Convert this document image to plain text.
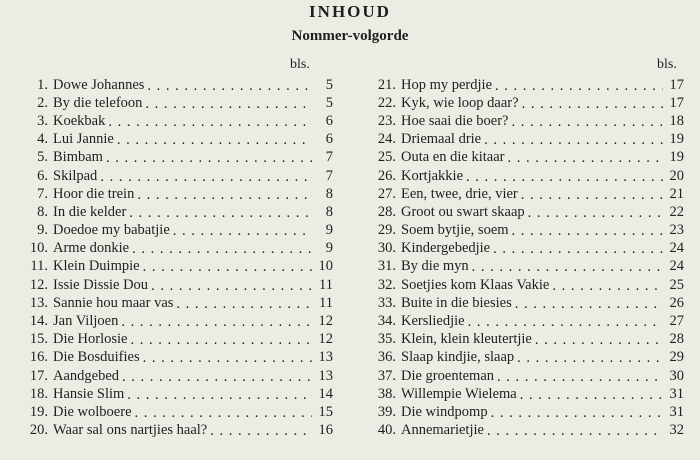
INHOUD
Nommer-volgorde
bls.	bls.
1. Dowe Johannes . . .	5
2. By die telefoon . . .	5
3. Koekbak . . .	6
4. Lui Jannie . . .	6
5. Bimbam . . .	7
6. Skilpad . . .	7
7. Hoor die trein . . .	8
8. In die kelder . . .	8
9. Doedoe my babatjie . . .	9
10. Arme donkie . . .	9
11. Klein Duimpie . . .	10
12. Issie Dissie Dou . . .	11
13. Sannie hou maar vas . . .	11
14. Jan Viljoen . . .	12
15. Die Horlosie . . .	12
16. Die Bosduifies . . .	13
17. Aandgebed . . .	13
18. Hansie Slim . . .	14
19. Die wolboere . . .	15
20. Waar sal ons nartjies haal? . . .	16
21. Hop my perdjie . . .	17
22. Kyk, wie loop daar? . . .	17
23. Hoe saai die boer? . . .	18
24. Driemaal drie . . .	19
25. Outa en die kitaar . . .	19
26. Kortjakkie . . .	20
27. Een, twee, drie, vier . . .	21
28. Groot ou swart skaap . . .	22
29. Soem bytjie, soem . . .	23
30. Kindergebedjie . . .	24
31. By die myn . . .	24
32. Soetjies kom Klaas Vakie . . .	25
33. Buite in die biesies . . .	26
34. Kersliedjie . . .	27
35. Klein, klein kleutertjie . . .	28
36. Slaap kindjie, slaap . . .	29
37. Die groenteman . . .	30
38. Willempie Wielema . . .	31
39. Die windpomp . . .	31
40. Annemarietjie . . .	32
